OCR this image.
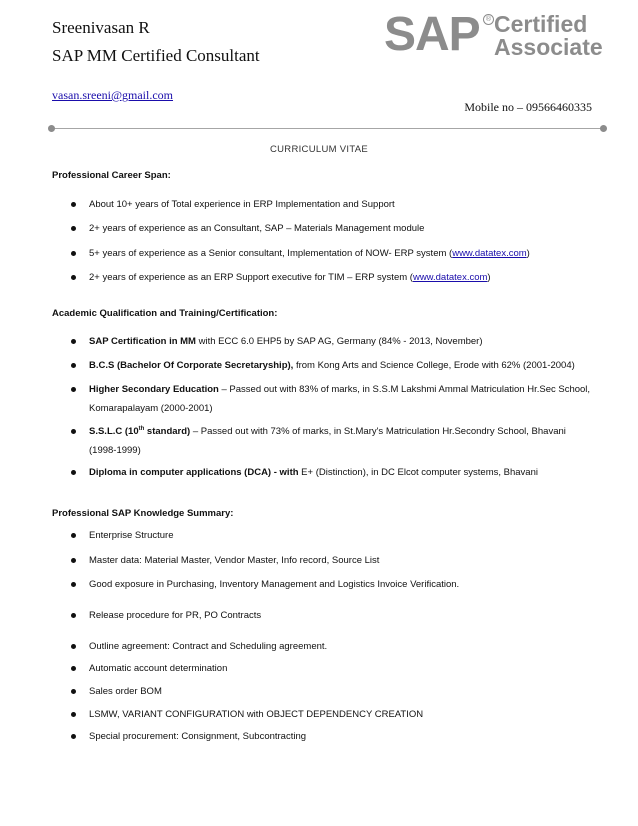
Sreenivasan R
SAP MM Certified Consultant
vasan.sreeni@gmail.com
Mobile no – 09566460335
SAP ® Certified
Associate
CURRICULUM VITAE
Professional Career Span:
About 10+ years of Total experience in ERP Implementation and Support
2+ years of experience as an Consultant, SAP – Materials Management module
5+ years of experience as a Senior consultant, Implementation of NOW- ERP system (www.datatex.com)
2+ years of experience as an ERP Support executive for TIM – ERP system (www.datatex.com)
Academic Qualification and Training/Certification:
SAP Certification in MM with ECC 6.0 EHP5 by SAP AG, Germany (84% - 2013, November)
B.C.S (Bachelor Of Corporate Secretaryship), from Kong Arts and Science College, Erode with 62% (2001-2004)
Higher Secondary Education – Passed out with 83% of marks, in S.S.M Lakshmi Ammal Matriculation Hr.Sec School,
Komarapalayam (2000-2001)
S.S.L.C (10th standard) – Passed out with 73% of marks, in St.Mary's Matriculation Hr.Secondry School, Bhavani
(1998-1999)
Diploma in computer applications (DCA) - with E+ (Distinction), in DC Elcot computer systems, Bhavani
Professional SAP Knowledge Summary:
Enterprise Structure
Master data: Material Master, Vendor Master, Info record, Source List
Good exposure in Purchasing, Inventory Management and Logistics Invoice Verification.
Release procedure for PR, PO Contracts
Outline agreement: Contract and Scheduling agreement.
Automatic account determination
Sales order BOM
LSMW, VARIANT CONFIGURATION with OBJECT DEPENDENCY CREATION
Special procurement: Consignment, Subcontracting
